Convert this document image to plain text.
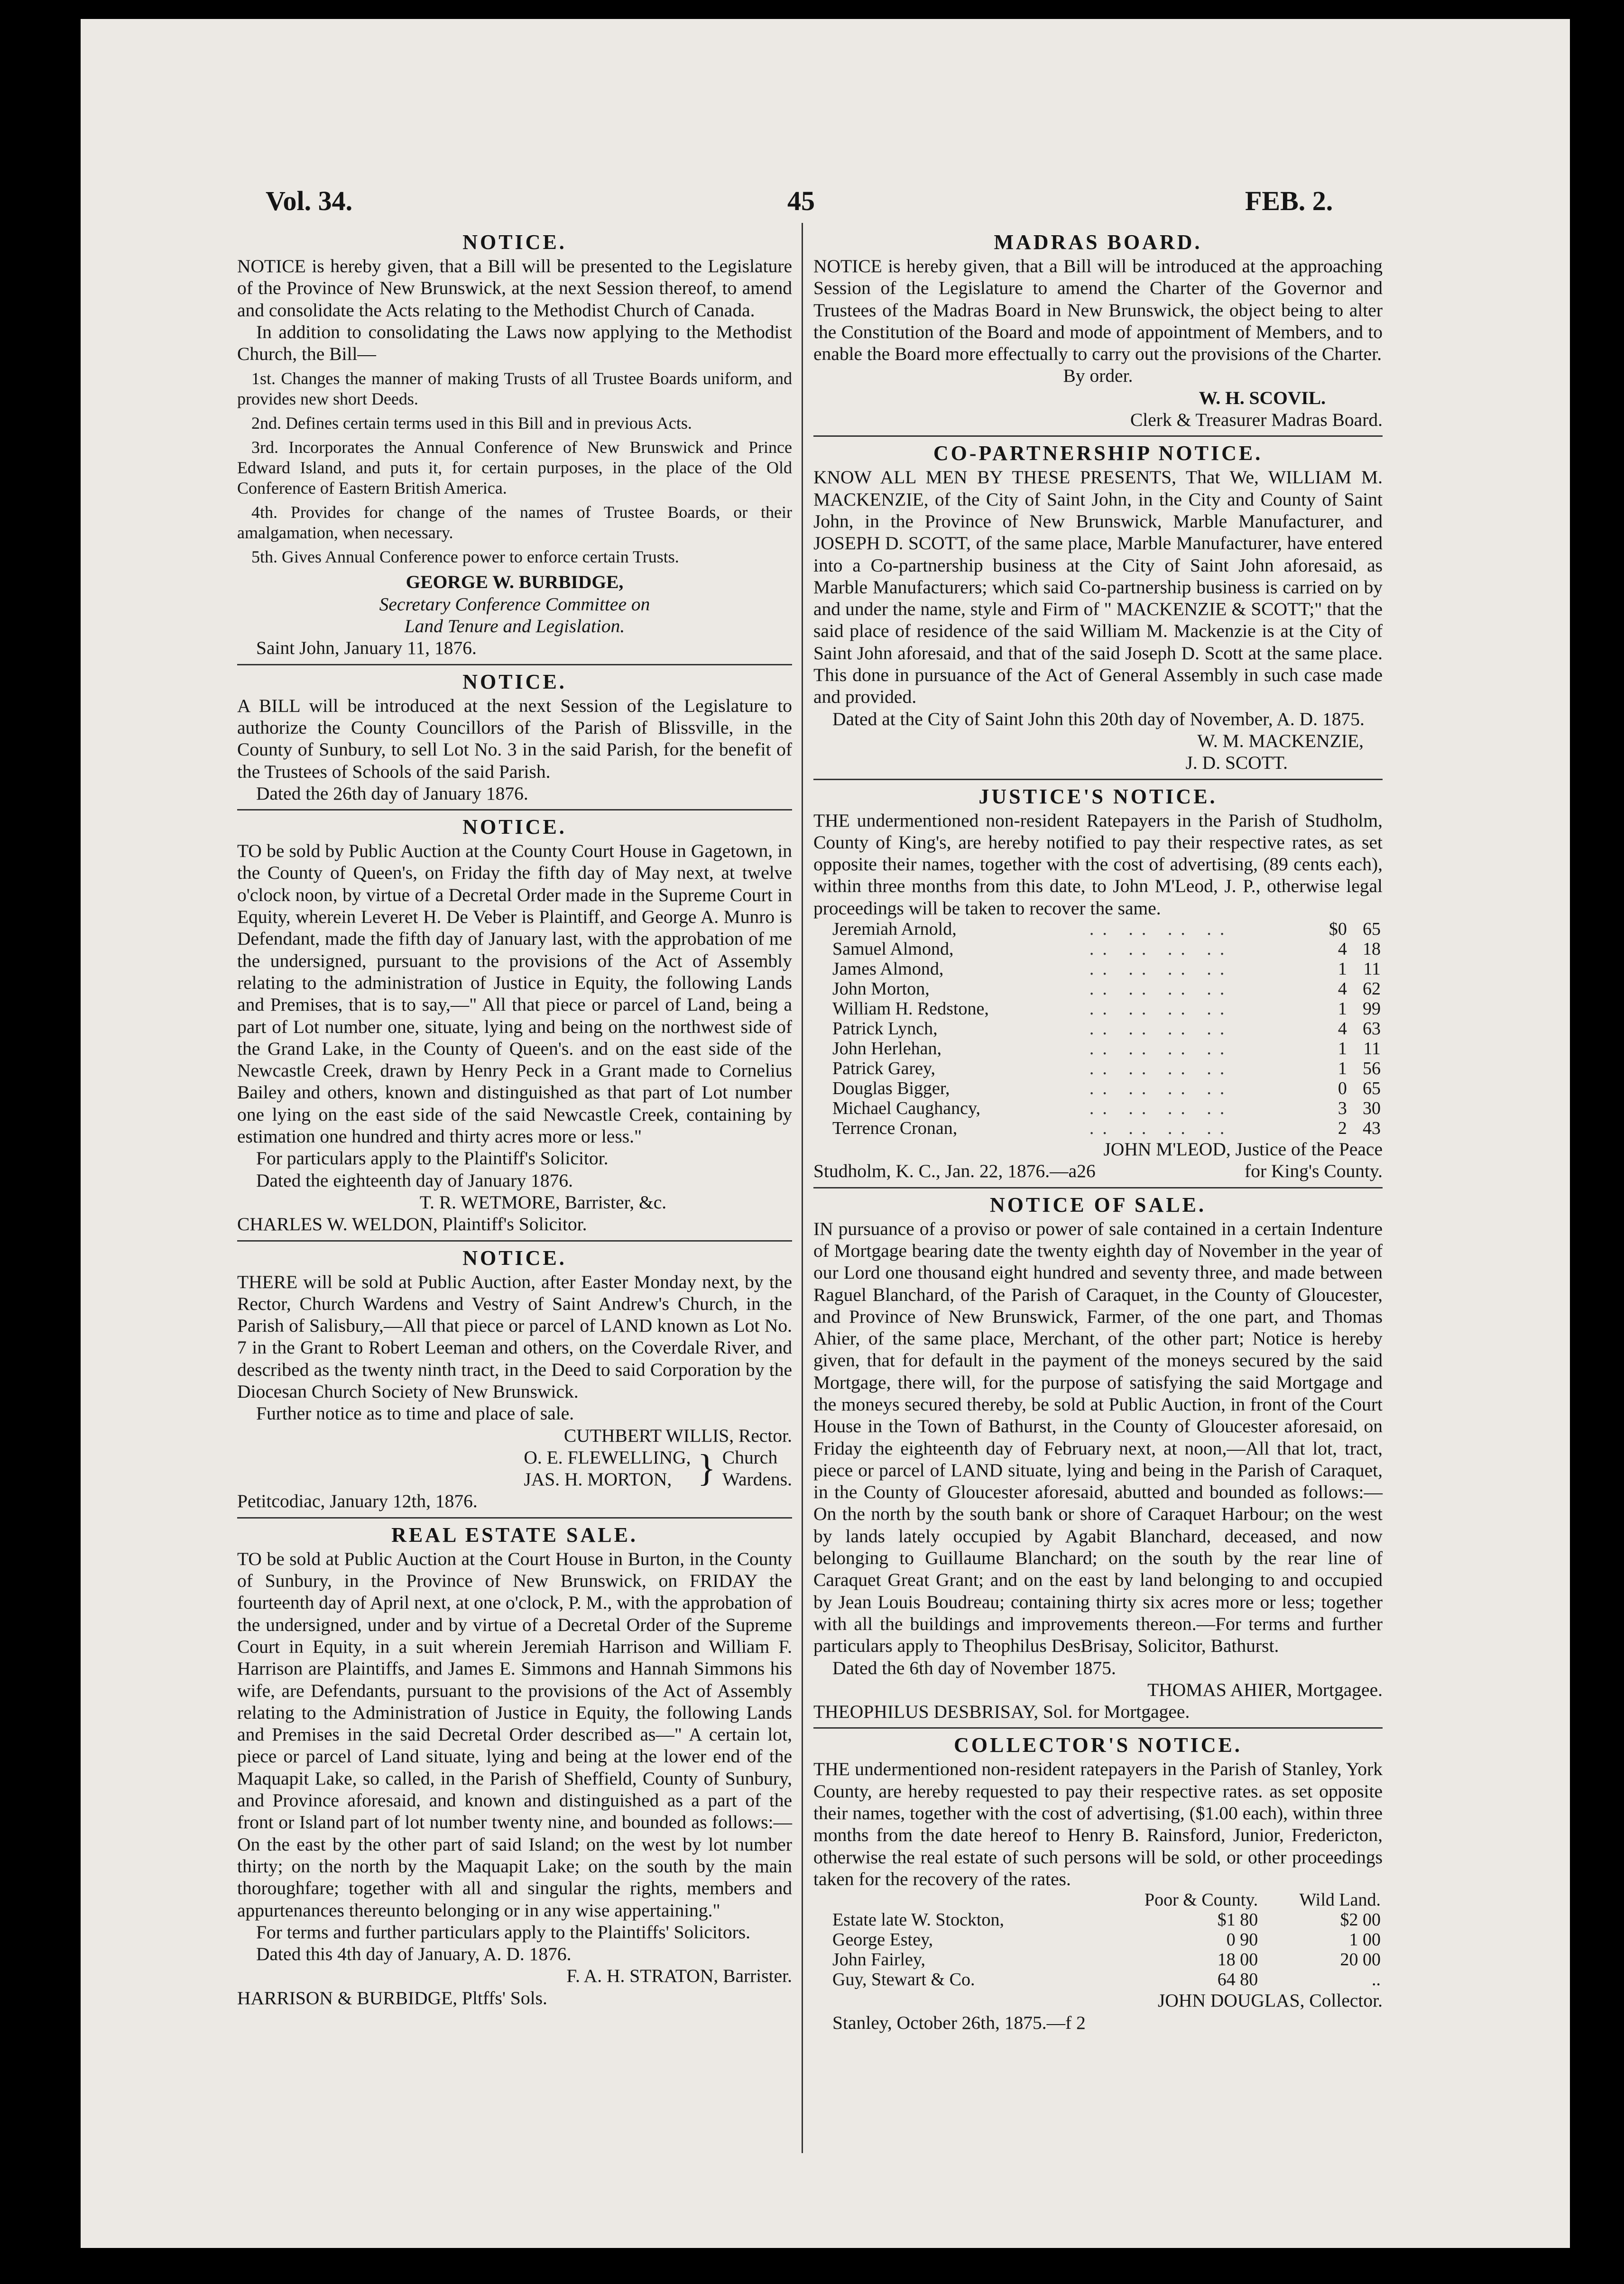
Vol. 34.	45	FEB. 2.
NOTICE.

NOTICE is hereby given, that a Bill will be presented to the Legislature of the Province of New Brunswick, at the next Session thereof, to amend and consolidate the Acts relating to the Methodist Church of Canada.

In addition to consolidating the Laws now applying to the Methodist Church, the Bill—

1st. Changes the manner of making Trusts of all Trustee Boards uniform, and provides new short Deeds.

2nd. Defines certain terms used in this Bill and in previous Acts.

3rd. Incorporates the Annual Conference of New Brunswick and Prince Edward Island, and puts it, for certain purposes, in the place of the Old Conference of Eastern British America.

4th. Provides for change of the names of Trustee Boards, or their amalgamation, when necessary.

5th. Gives Annual Conference power to enforce certain Trusts.

GEORGE W. BURBIDGE,
Secretary Conference Committee on
Land Tenure and Legislation.
Saint John, January 11, 1876.
NOTICE.

A BILL will be introduced at the next Session of the Legislature to authorize the County Councillors of the Parish of Blissville, in the County of Sunbury, to sell Lot No. 3 in the said Parish, for the benefit of the Trustees of Schools of the said Parish.

Dated the 26th day of January 1876.
NOTICE.

TO be sold by Public Auction at the County Court House in Gagetown, in the County of Queen's, on Friday the fifth day of May next, at twelve o'clock noon, by virtue of a Decretal Order made in the Supreme Court in Equity, wherein Leveret H. De Veber is Plaintiff, and George A. Munro is Defendant, made the fifth day of January last, with the approbation of me the undersigned, pursuant to the provisions of the Act of Assembly relating to the administration of Justice in Equity, the following Lands and Premises, that is to say,—" All that piece or parcel of Land, being a part of Lot number one, situate, lying and being on the northwest side of the Grand Lake, in the County of Queen's. and on the east side of the Newcastle Creek, drawn by Henry Peck in a Grant made to Cornelius Bailey and others, known and distinguished as that part of Lot number one lying on the east side of the said Newcastle Creek, containing by estimation one hundred and thirty acres more or less."

For particulars apply to the Plaintiff's Solicitor.
Dated the eighteenth day of January 1876.
T. R. WETMORE, Barrister, &c.
CHARLES W. WELDON, Plaintiff's Solicitor.
NOTICE.

THERE will be sold at Public Auction, after Easter Monday next, by the Rector, Church Wardens and Vestry of Saint Andrew's Church, in the Parish of Salisbury,—All that piece or parcel of LAND known as Lot No. 7 in the Grant to Robert Leeman and others, on the Coverdale River, and described as the twenty ninth tract, in the Deed to said Corporation by the Diocesan Church Society of New Brunswick.

Further notice as to time and place of sale.
CUTHBERT WILLIS, Rector.
O. E. FLEWELLING,
JAS. H. MORTON, } Church
Wardens.
Petitcodiac, January 12th, 1876.
REAL ESTATE SALE.

TO be sold at Public Auction at the Court House in Burton, in the County of Sunbury, in the Province of New Brunswick, on FRIDAY the fourteenth day of April next, at one o'clock, P. M., with the approbation of the undersigned, under and by virtue of a Decretal Order of the Supreme Court in Equity, in a suit wherein Jeremiah Harrison and William F. Harrison are Plaintiffs, and James E. Simmons and Hannah Simmons his wife, are Defendants, pursuant to the provisions of the Act of Assembly relating to the Administration of Justice in Equity, the following Lands and Premises in the said Decretal Order described as—" A certain lot, piece or parcel of Land situate, lying and being at the lower end of the Maquapit Lake, so called, in the Parish of Sheffield, County of Sunbury, and Province aforesaid, and known and distinguished as a part of the front or Island part of lot number twenty nine, and bounded as follows:—On the east by the other part of said Island; on the west by lot number thirty; on the north by the Maquapit Lake; on the south by the main thoroughfare; together with all and singular the rights, members and appurtenances thereunto belonging or in any wise appertaining."

For terms and further particulars apply to the Plaintiffs' Solicitors.

Dated this 4th day of January, A. D. 1876.
F. A. H. STRATON, Barrister.
HARRISON & BURBIDGE, Pltffs' Sols.
MADRAS BOARD.

NOTICE is hereby given, that a Bill will be introduced at the approaching Session of the Legislature to amend the Charter of the Governor and Trustees of the Madras Board in New Brunswick, the object being to alter the Constitution of the Board and mode of appointment of Members, and to enable the Board more effectually to carry out the provisions of the Charter.

By order.
W. H. SCOVIL.
Clerk & Treasurer Madras Board.
CO-PARTNERSHIP NOTICE.

KNOW ALL MEN BY THESE PRESENTS, That We, WILLIAM M. MACKENZIE, of the City of Saint John, in the City and County of Saint John, in the Province of New Brunswick, Marble Manufacturer, and JOSEPH D. SCOTT, of the same place, Marble Manufacturer, have entered into a Co-partnership business at the City of Saint John aforesaid, as Marble Manufacturers; which said Co-partnership business is carried on by and under the name, style and Firm of " MACKENZIE & SCOTT;" that the said place of residence of the said William M. Mackenzie is at the City of Saint John aforesaid, and that of the said Joseph D. Scott at the same place. This done in pursuance of the Act of General Assembly in such case made and provided.

Dated at the City of Saint John this 20th day of November, A. D. 1875.

W. M. MACKENZIE,
J. D. SCOTT.
JUSTICE'S NOTICE.

THE undermentioned non-resident Ratepayers in the Parish of Studholm, County of King's, are hereby notified to pay their respective rates, as set opposite their names, together with the cost of advertising, (89 cents each), within three months from this date, to John M'Leod, J. P., otherwise legal proceedings will be taken to recover the same.

Jeremiah Arnold,	.. .. .. ..	$0	65
Samuel Almond,	.. .. .. ..	4	18
James Almond,	.. .. .. ..	1	11
John Morton,	.. .. .. ..	4	62
William H. Redstone,	.. .. .. ..	1	99
Patrick Lynch,	.. .. .. ..	4	63
John Herlehan,	.. .. .. ..	1	11
Patrick Garey,	.. .. .. ..	1	56
Douglas Bigger,	.. .. .. ..	0	65
Michael Caughancy,	.. .. .. ..	3	30
Terrence Cronan,	.. .. .. ..	2	43
JOHN M'LEOD, Justice of the Peace
Studholm, K. C., Jan. 22, 1876.—a26	for King's County.
NOTICE OF SALE.

IN pursuance of a proviso or power of sale contained in a certain Indenture of Mortgage bearing date the twenty eighth day of November in the year of our Lord one thousand eight hundred and seventy three, and made between Raguel Blanchard, of the Parish of Caraquet, in the County of Gloucester, and Province of New Brunswick, Farmer, of the one part, and Thomas Ahier, of the same place, Merchant, of the other part; Notice is hereby given, that for default in the payment of the moneys secured by the said Mortgage, there will, for the purpose of satisfying the said Mortgage and the moneys secured thereby, be sold at Public Auction, in front of the Court House in the Town of Bathurst, in the County of Gloucester aforesaid, on Friday the eighteenth day of February next, at noon,—All that lot, tract, piece or parcel of LAND situate, lying and being in the Parish of Caraquet, in the County of Gloucester aforesaid, abutted and bounded as follows:—On the north by the south bank or shore of Caraquet Harbour; on the west by lands lately occupied by Agabit Blanchard, deceased, and now belonging to Guillaume Blanchard; on the south by the rear line of Caraquet Great Grant; and on the east by land belonging to and occupied by Jean Louis Boudreau; containing thirty six acres more or less; together with all the buildings and improvements thereon.—For terms and further particulars apply to Theophilus DesBrisay, Solicitor, Bathurst.

Dated the 6th day of November 1875.
THOMAS AHIER, Mortgagee.
THEOPHILUS DESBRISAY, Sol. for Mortgagee.
COLLECTOR'S NOTICE.

THE undermentioned non-resident ratepayers in the Parish of Stanley, York County, are hereby requested to pay their respective rates. as set opposite their names, together with the cost of advertising, ($1.00 each), within three months from the date hereof to Henry B. Rainsford, Junior, Fredericton, otherwise the real estate of such persons will be sold, or other proceedings taken for the recovery of the rates.

	Poor & County.	Wild Land.
Estate late W. Stockton,	$1 80	$2 00
George Estey,	0 90	1 00
John Fairley,	18 00	20 00
Guy, Stewart & Co.	64 80	..
JOHN DOUGLAS, Collector.
Stanley, October 26th, 1875.—f 2
